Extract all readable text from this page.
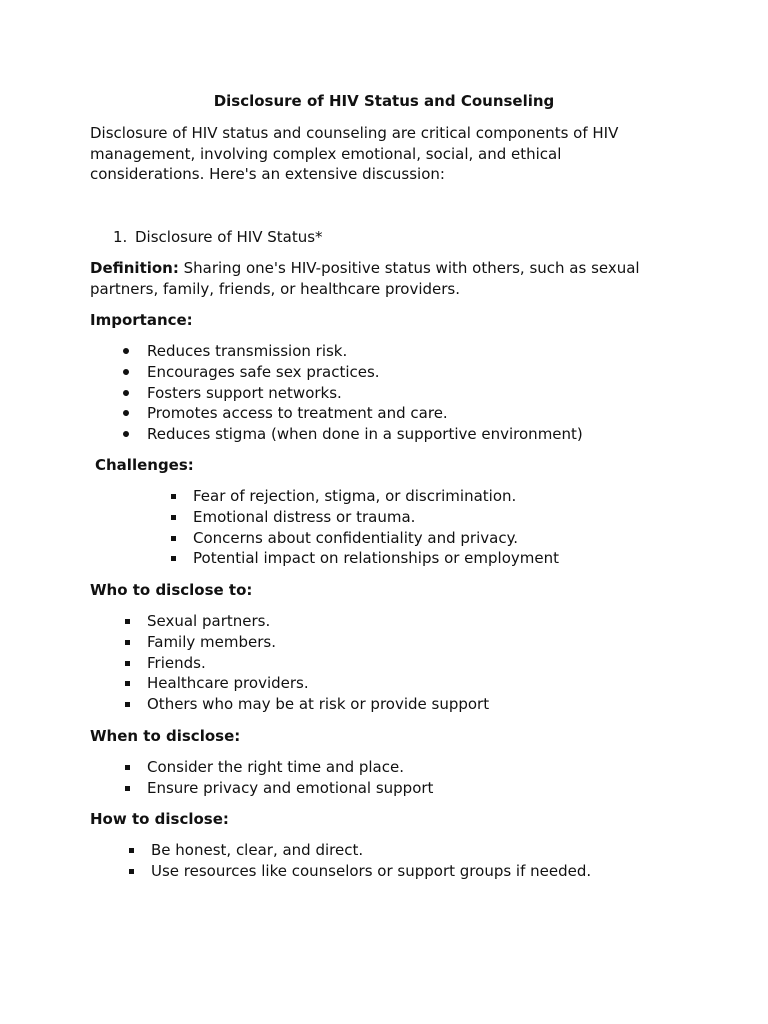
Disclosure of HIV Status and Counseling
Disclosure of HIV status and counseling are critical components of HIV management, involving complex emotional, social, and ethical considerations. Here's an extensive discussion:
1. Disclosure of HIV Status*
Definition: Sharing one's HIV-positive status with others, such as sexual partners, family, friends, or healthcare providers.
Importance:
Reduces transmission risk.
Encourages safe sex practices.
Fosters support networks.
Promotes access to treatment and care.
Reduces stigma (when done in a supportive environment)
Challenges:
Fear of rejection, stigma, or discrimination.
Emotional distress or trauma.
Concerns about confidentiality and privacy.
Potential impact on relationships or employment
Who to disclose to:
Sexual partners.
Family members.
Friends.
Healthcare providers.
Others who may be at risk or provide support
When to disclose:
Consider the right time and place.
Ensure privacy and emotional support
How to disclose:
Be honest, clear, and direct.
Use resources like counselors or support groups if needed.
